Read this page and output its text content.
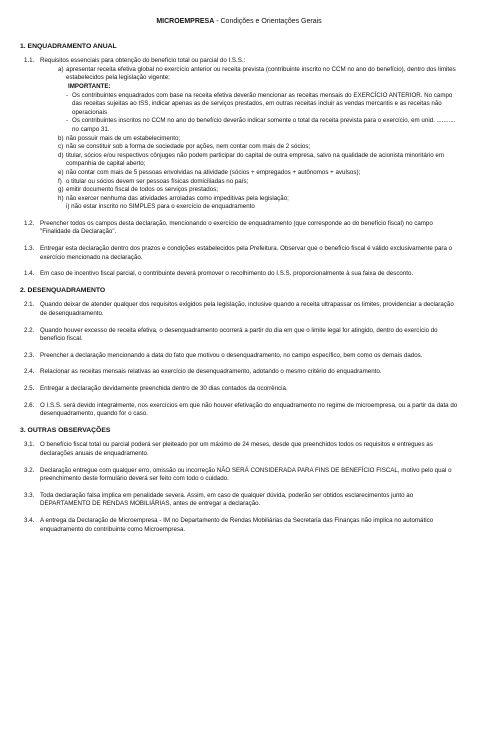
MICROEMPRESA - Condições e Orientações Gerais
1. ENQUADRAMENTO ANUAL
1.1. Requisitos essenciais para obtenção do benefício total ou parcial do I.S.S.:
a) apresentar receita efetiva global no exercício anterior ou receita prevista (contribuinte inscrito no CCM no ano do benefício), dentro dos limites estabelecidos pela legislação vigente;
IMPORTANTE:
- Os contribuintes enquadrados com base na receita efetiva deverão mencionar as receitas mensais do EXERCÍCIO ANTERIOR. No campo das receitas sujeitas ao ISS, indicar apenas as de serviços prestados, em outras receitas incluir as vendas mercantis e as receitas não operacionais
- Os contribuintes inscritos no CCM no ano do benefício deverão indicar somente o total da receita prevista para o exercício, em unid. ........... no campo 31.
b) não possuir mais de um estabelecimento;
c) não se constituir sob a forma de sociedade por ações, nem contar com mais de 2 sócios;
d) titular, sócios e/ou respectivos cônjuges não podem participar do capital de outra empresa, salvo na qualidade de acionista minoritário em companhia de capital aberto;
e) não contar com mais de 5 pessoas envolvidas na atividade (sócios + empregados + autônomos + avulsos);
f) o titular ou sócios devem ser pessoas físicas domiciliadas no país;
g) emitir documento fiscal de todos os serviços prestados;
h) não exercer nenhuma das atividades arroladas como impeditivas pela legislação;
i) não estar inscrito no SIMPLES para o exercício de enquadramento
1.2. Preencher todos os campos desta declaração, mencionando o exercício de enquadramento (que corresponde ao do benefício fiscal) no campo "Finalidade da Declaração".
1.3. Entregar esta declaração dentro dos prazos e condições estabelecidos pela Prefeitura. Observar que o benefício fiscal é válido exclusivamente para o exercício mencionado na declaração.
1.4. Em caso de incentivo fiscal parcial, o contribuinte deverá promover o recolhimento do I.S.S. proporcionalmente à sua faixa de desconto.
2. DESENQUADRAMENTO
2.1. Quando deixar de atender qualquer dos requisitos exigidos pela legislação, inclusive quando a receita ultrapassar os limites, providenciar a declaração de desenquadramento.
2.2. Quando houver excesso de receita efetiva, o desenquadramento ocorrerá a partir do dia em que o limite legal for atingido, dentro do exercício do benefício fiscal.
2.3. Preencher a declaração mencionando a data do fato que motivou o desenquadramento, no campo específico, bem como os demais dados.
2.4. Relacionar as receitas mensais relativas ao exercício de desenquadramento, adotando o mesmo critério do enquadramento.
2.5. Entregar a declaração devidamente preenchida dentro de 30 dias contados da ocorrência.
2.6. O I.S.S. será devido integralmente, nos exercícios em que não houver efetivação do enquadramento no regime de microempresa, ou a partir da data do desenquadramento, quando for o caso.
3. OUTRAS OBSERVAÇÕES
3.1. O benefício fiscal total ou parcial poderá ser pleiteado por um máximo de 24 meses, desde que preenchidos todos os requisitos e entregues as declarações anuais de enquadramento.
3.2. Declaração entregue com qualquer erro, omissão ou incorreção NÃO SERÁ CONSIDERADA PARA FINS DE BENEFÍCIO FISCAL, motivo pelo qual o preenchimento deste formulário deverá ser feito com todo o cuidado.
3.3. Toda declaração falsa implica em penalidade severa. Assim, em caso de qualquer dúvida, poderão ser obtidos esclarecimentos junto ao DEPARTAMENTO DE RENDAS MOBILIÁRIAS, antes de entregar a declaração.
3.4. A entrega da Declaração de Microempresa - IM no Departamento de Rendas Mobiliárias da Secretaria das Finanças não implica no automático enquadramento do contribuinte como Microempresa.
